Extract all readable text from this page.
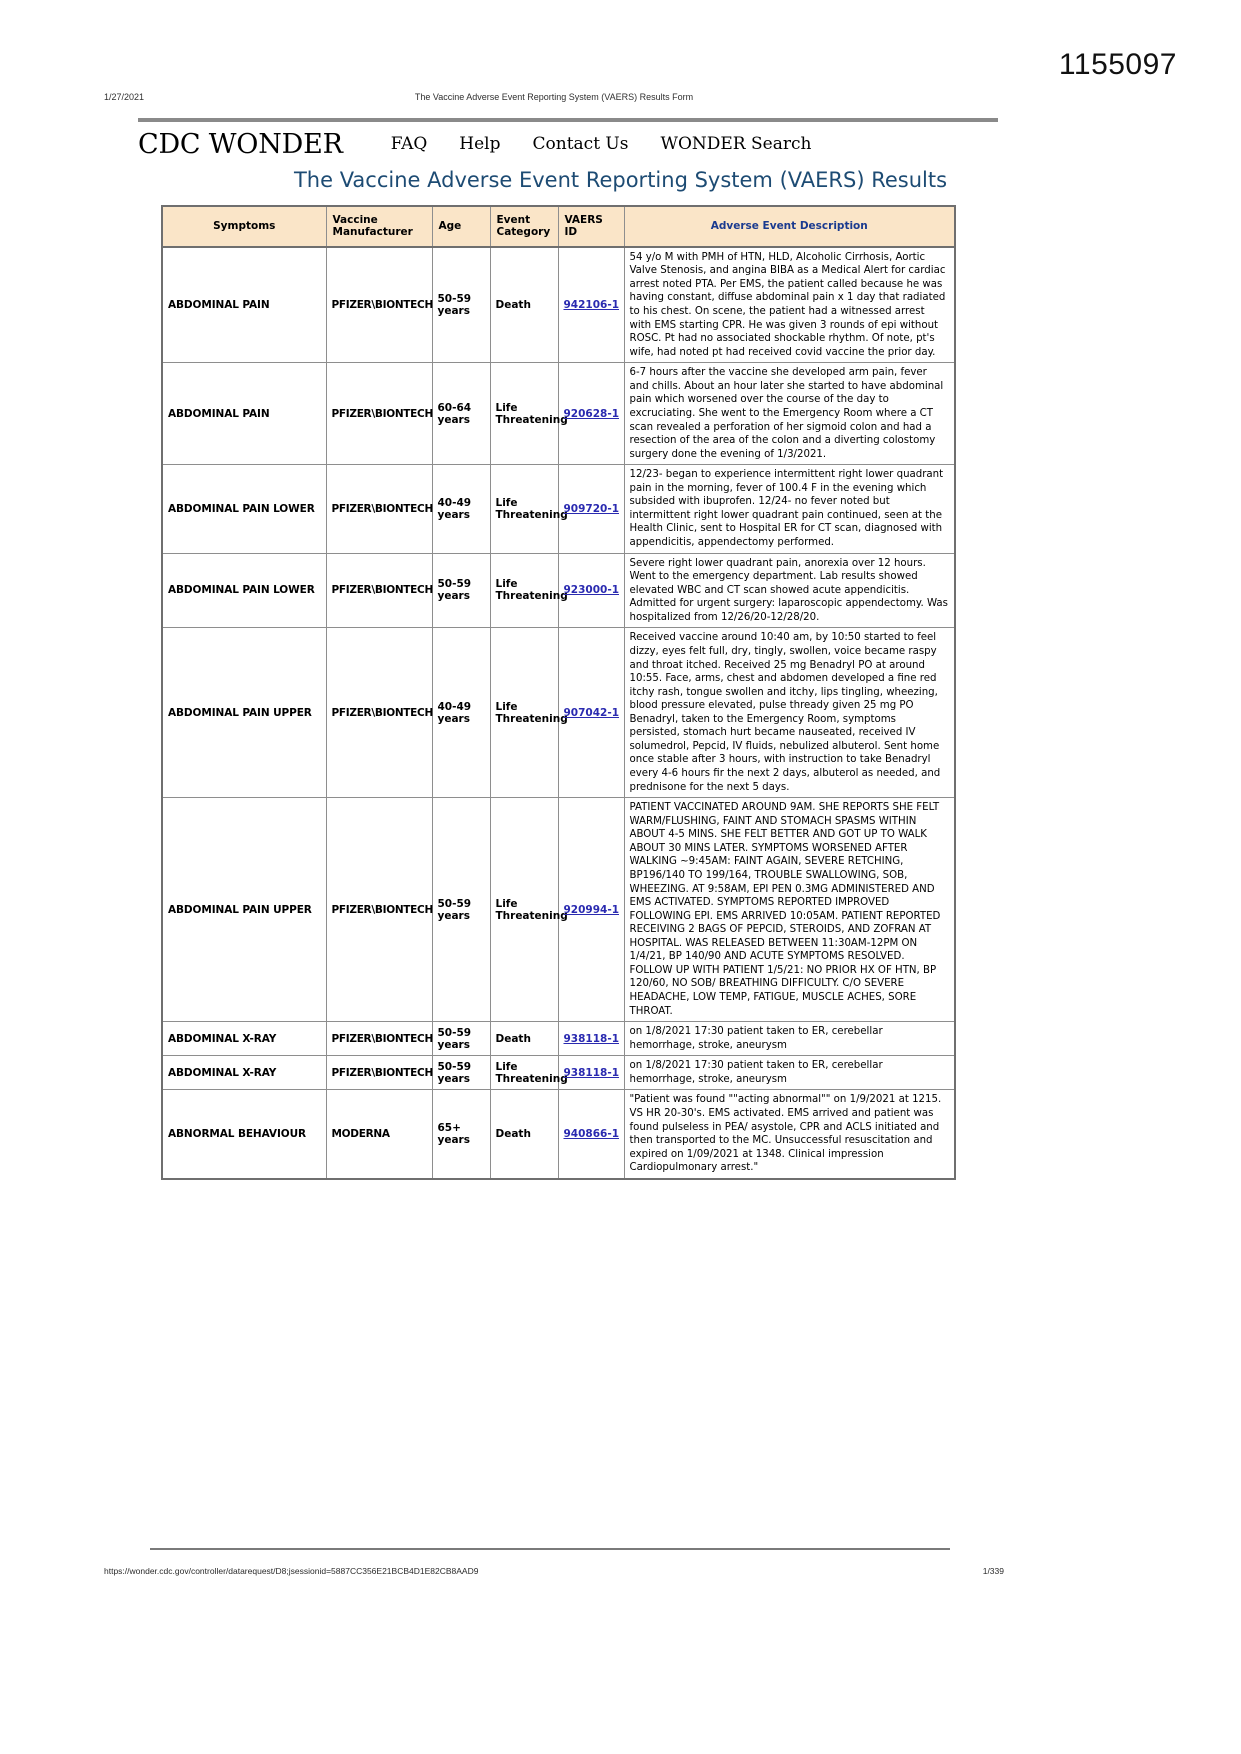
1155097
The Vaccine Adverse Event Reporting System (VAERS) Results Form
1/27/2021
CDC WONDER	FAQ Help Contact Us WONDER Search
The Vaccine Adverse Event Reporting System (VAERS) Results
Symptoms	Vaccine Manufacturer	Age	Event Category	VAERS ID	Adverse Event Description
ABDOMINAL PAIN	PFIZER\BIONTECH	50-59 years	Death	942106-1	54 y/o M with PMH of HTN, HLD, Alcoholic Cirrhosis, Aortic Valve Stenosis, and angina BIBA as a Medical Alert for cardiac arrest noted PTA. Per EMS, the patient called because he was having constant, diffuse abdominal pain x 1 day that radiated to his chest. On scene, the patient had a witnessed arrest with EMS starting CPR. He was given 3 rounds of epi without ROSC. Pt had no associated shockable rhythm. Of note, pt's wife, had noted pt had received covid vaccine the prior day.
ABDOMINAL PAIN	PFIZER\BIONTECH	60-64 years	Life Threatening	920628-1	6-7 hours after the vaccine she developed arm pain, fever and chills. About an hour later she started to have abdominal pain which worsened over the course of the day to excruciating. She went to the Emergency Room where a CT scan revealed a perforation of her sigmoid colon and had a resection of the area of the colon and a diverting colostomy surgery done the evening of 1/3/2021.
ABDOMINAL PAIN LOWER	PFIZER\BIONTECH	40-49 years	Life Threatening	909720-1	12/23- began to experience intermittent right lower quadrant pain in the morning, fever of 100.4 F in the evening which subsided with ibuprofen. 12/24- no fever noted but intermittent right lower quadrant pain continued, seen at the Health Clinic, sent to Hospital ER for CT scan, diagnosed with appendicitis, appendectomy performed.
ABDOMINAL PAIN LOWER	PFIZER\BIONTECH	50-59 years	Life Threatening	923000-1	Severe right lower quadrant pain, anorexia over 12 hours. Went to the emergency department. Lab results showed elevated WBC and CT scan showed acute appendicitis. Admitted for urgent surgery: laparoscopic appendectomy. Was hospitalized from 12/26/20-12/28/20.
ABDOMINAL PAIN UPPER	PFIZER\BIONTECH	40-49 years	Life Threatening	907042-1	Received vaccine around 10:40 am, by 10:50 started to feel dizzy, eyes felt full, dry, tingly, swollen, voice became raspy and throat itched. Received 25 mg Benadryl PO at around 10:55. Face, arms, chest and abdomen developed a fine red itchy rash, tongue swollen and itchy, lips tingling, wheezing, blood pressure elevated, pulse thready given 25 mg PO Benadryl, taken to the Emergency Room, symptoms persisted, stomach hurt became nauseated, received IV solumedrol, Pepcid, IV fluids, nebulized albuterol. Sent home once stable after 3 hours, with instruction to take Benadryl every 4-6 hours fir the next 2 days, albuterol as needed, and prednisone for the next 5 days.
ABDOMINAL PAIN UPPER	PFIZER\BIONTECH	50-59 years	Life Threatening	920994-1	PATIENT VACCINATED AROUND 9AM. SHE REPORTS SHE FELT WARM/FLUSHING, FAINT AND STOMACH SPASMS WITHIN ABOUT 4-5 MINS. SHE FELT BETTER AND GOT UP TO WALK ABOUT 30 MINS LATER. SYMPTOMS WORSENED AFTER WALKING ~9:45AM: FAINT AGAIN, SEVERE RETCHING, BP196/140 TO 199/164, TROUBLE SWALLOWING, SOB, WHEEZING. AT 9:58AM, EPI PEN 0.3MG ADMINISTERED AND EMS ACTIVATED. SYMPTOMS REPORTED IMPROVED FOLLOWING EPI. EMS ARRIVED 10:05AM. PATIENT REPORTED RECEIVING 2 BAGS OF PEPCID, STEROIDS, AND ZOFRAN AT HOSPITAL. WAS RELEASED BETWEEN 11:30AM-12PM ON 1/4/21, BP 140/90 AND ACUTE SYMPTOMS RESOLVED. FOLLOW UP WITH PATIENT 1/5/21: NO PRIOR HX OF HTN, BP 120/60, NO SOB/ BREATHING DIFFICULTY. C/O SEVERE HEADACHE, LOW TEMP, FATIGUE, MUSCLE ACHES, SORE THROAT.
ABDOMINAL X-RAY	PFIZER\BIONTECH	50-59 years	Death	938118-1	on 1/8/2021 17:30 patient taken to ER, cerebellar hemorrhage, stroke, aneurysm
ABDOMINAL X-RAY	PFIZER\BIONTECH	50-59 years	Life Threatening	938118-1	on 1/8/2021 17:30 patient taken to ER, cerebellar hemorrhage, stroke, aneurysm
ABNORMAL BEHAVIOUR	MODERNA	65+ years	Death	940866-1	"Patient was found ""acting abnormal"" on 1/9/2021 at 1215. VS HR 20-30's. EMS activated. EMS arrived and patient was found pulseless in PEA/ asystole, CPR and ACLS initiated and then transported to the MC. Unsuccessful resuscitation and expired on 1/09/2021 at 1348. Clinical impression Cardiopulmonary arrest."
https://wonder.cdc.gov/controller/datarequest/D8;jsessionid=5887CC356E21BCB4D1E82CB8AAD9	1/339
